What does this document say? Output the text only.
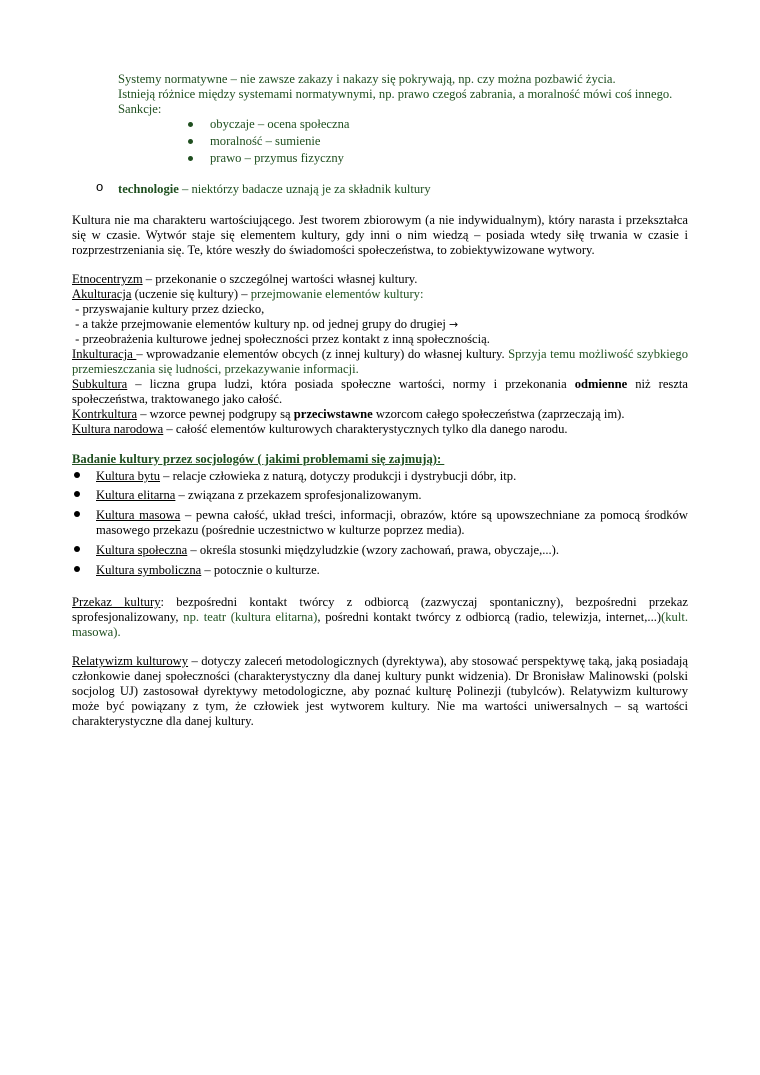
Systemy normatywne – nie zawsze zakazy i nakazy się pokrywają, np. czy można pozbawić życia.
Istnieją różnice między systemami normatywnymi, np. prawo czegoś zabrania, a moralność mówi coś innego.
Sankcje:
obyczaje – ocena społeczna
moralność – sumienie
prawo – przymus fizyczny
o technologie – niektórzy badacze uznają je za składnik kultury
Kultura nie ma charakteru wartościującego. Jest tworem zbiorowym (a nie indywidualnym), który narasta i przekształca się w czasie. Wytwór staje się elementem kultury, gdy inni o nim wiedzą – posiada wtedy siłę trwania w czasie i rozprzestrzeniania się. Te, które weszły do świadomości społeczeństwa, to zobiektywizowane wytwory.
Etnocentryzm – przekonanie o szczególnej wartości własnej kultury.
Akulturacja (uczenie się kultury) – przejmowanie elementów kultury:
- przyswajanie kultury przez dziecko,
- a także przejmowanie elementów kultury np. od jednej grupy do drugiej →
- przeobrażenia kulturowe jednej społeczności przez kontakt z inną społecznością.
Inkulturacja – wprowadzanie elementów obcych (z innej kultury) do własnej kultury. Sprzyja temu możliwość szybkiego przemieszczania się ludności, przekazywanie informacji.
Subkultura – liczna grupa ludzi, która posiada społeczne wartości, normy i przekonania odmienne niż reszta społeczeństwa, traktowanego jako całość.
Kontrkultura – wzorce pewnej podgrupy są przeciwstawne wzorcom całego społeczeństwa (zaprzeczają im).
Kultura narodowa – całość elementów kulturowych charakterystycznych tylko dla danego narodu.
Badanie kultury przez socjologów ( jakimi problemami się zajmują):
Kultura bytu – relacje człowieka z naturą, dotyczy produkcji i dystrybucji dóbr, itp.
Kultura elitarna – związana z przekazem sprofesjonalizowanym.
Kultura masowa – pewna całość, układ treści, informacji, obrazów, które są upowszechniane za pomocą środków masowego przekazu (pośrednie uczestnictwo w kulturze poprzez media).
Kultura społeczna – określa stosunki międzyludzkie (wzory zachowań, prawa, obyczaje,...).
Kultura symboliczna – potocznie o kulturze.
Przekaz kultury: bezpośredni kontakt twórcy z odbiorcą (zazwyczaj spontaniczny), bezpośredni przekaz sprofesjonalizowany, np. teatr (kultura elitarna), pośredni kontakt twórcy z odbiorcą (radio, telewizja, internet,...)(kult. masowa).
Relatywizm kulturowy – dotyczy zaleceń metodologicznych (dyrektywa), aby stosować perspektywę taką, jaką posiadają członkowie danej społeczności (charakterystyczny dla danej kultury punkt widzenia). Dr Bronisław Malinowski (polski socjolog UJ) zastosował dyrektywy metodologiczne, aby poznać kulturę Polinezji (tubylców). Relatywizm kulturowy może być powiązany z tym, że człowiek jest wytworem kultury. Nie ma wartości uniwersalnych – są wartości charakterystyczne dla danej kultury.
